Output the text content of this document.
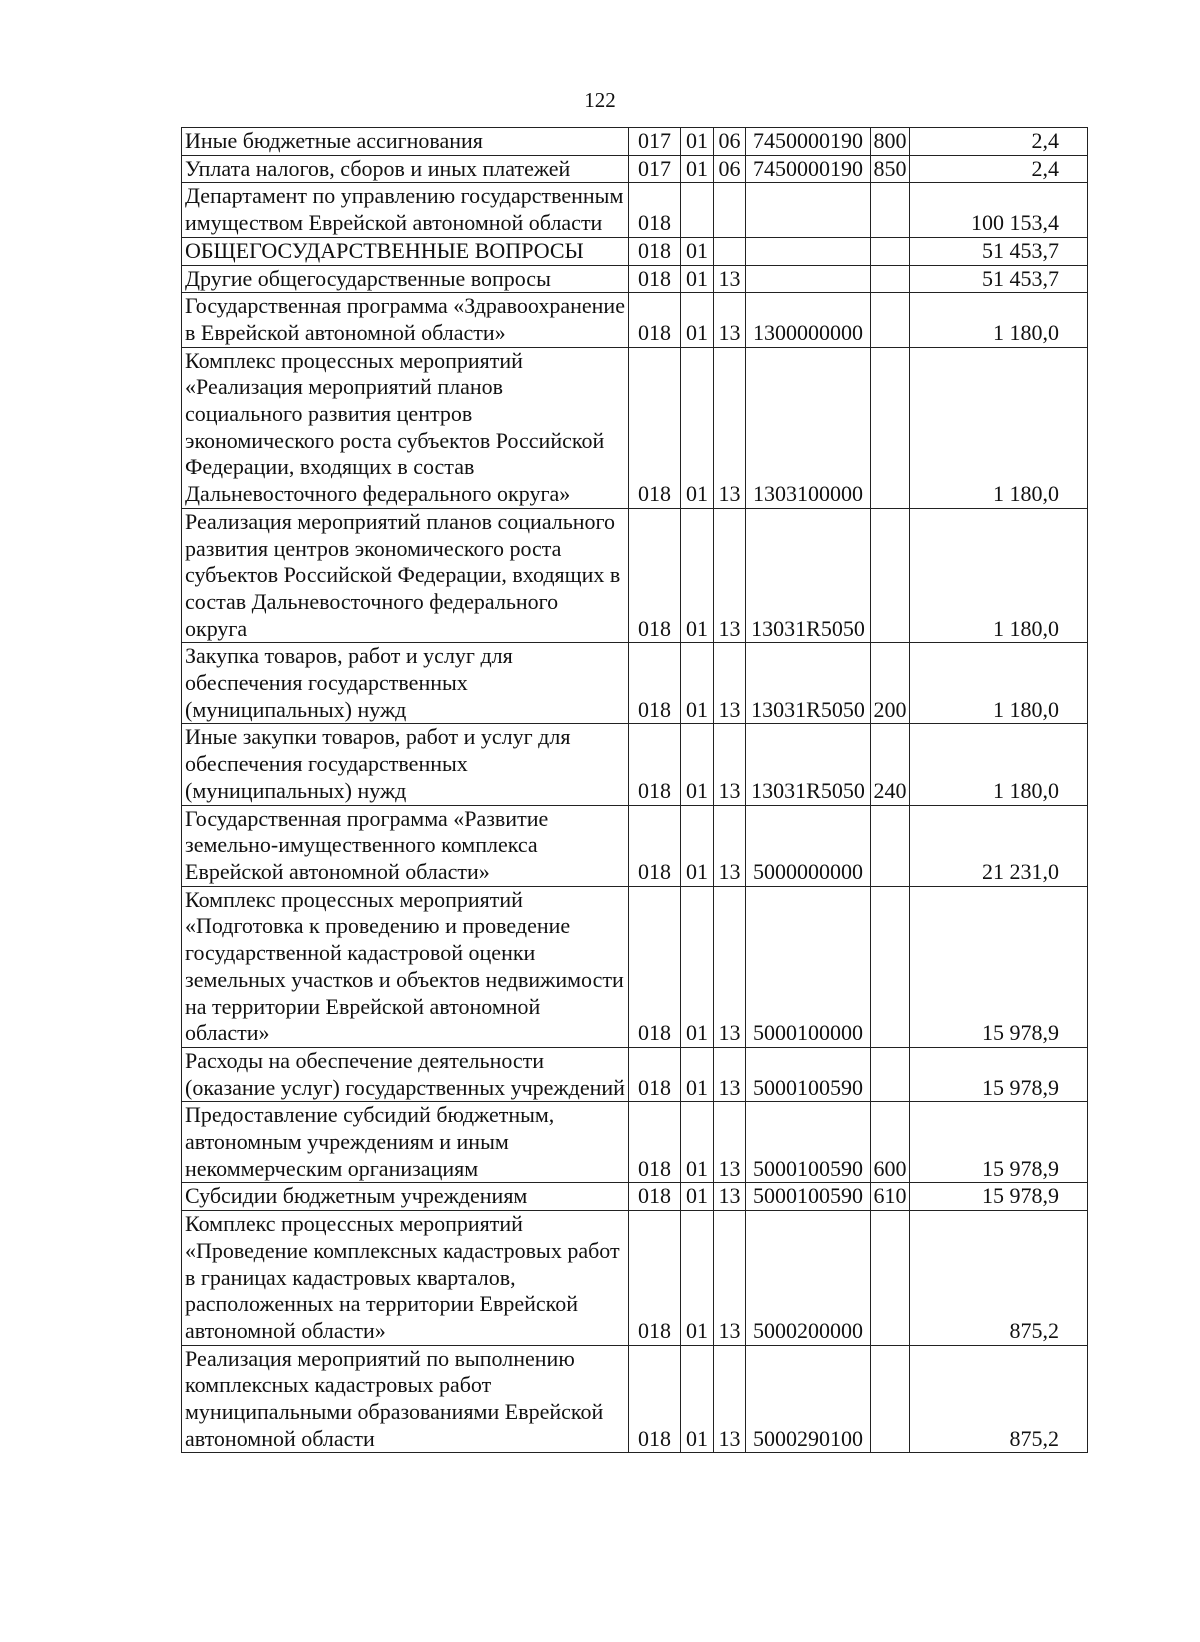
122
Иные бюджетные ассигнования	017	01	06	7450000190	800	2,4
Уплата налогов, сборов и иных платежей	017	01	06	7450000190	850	2,4
Департамент по управлению государственным имуществом Еврейской автономной области	018					100 153,4
ОБЩЕГОСУДАРСТВЕННЫЕ ВОПРОСЫ	018	01				51 453,7
Другие общегосударственные вопросы	018	01	13			51 453,7
Государственная программа «Здравоохранение в Еврейской автономной области»	018	01	13	1300000000		1 180,0
Комплекс процессных мероприятий «Реализация мероприятий планов социального развития центров экономического роста субъектов Российской Федерации, входящих в состав Дальневосточного федерального округа»	018	01	13	1303100000		1 180,0
Реализация мероприятий планов социального развития центров экономического роста субъектов Российской Федерации, входящих в состав Дальневосточного федерального округа	018	01	13	13031R5050		1 180,0
Закупка товаров, работ и услуг для обеспечения государственных (муниципальных) нужд	018	01	13	13031R5050	200	1 180,0
Иные закупки товаров, работ и услуг для обеспечения государственных (муниципальных) нужд	018	01	13	13031R5050	240	1 180,0
Государственная программа «Развитие земельно-имущественного комплекса Еврейской автономной области»	018	01	13	5000000000		21 231,0
Комплекс процессных мероприятий «Подготовка к проведению и проведение государственной кадастровой оценки земельных участков и объектов недвижимости на территории Еврейской автономной области»	018	01	13	5000100000		15 978,9
Расходы на обеспечение деятельности (оказание услуг) государственных учреждений	018	01	13	5000100590		15 978,9
Предоставление субсидий бюджетным, автономным учреждениям и иным некоммерческим организациям	018	01	13	5000100590	600	15 978,9
Субсидии бюджетным учреждениям	018	01	13	5000100590	610	15 978,9
Комплекс процессных мероприятий «Проведение комплексных кадастровых работ в границах кадастровых кварталов, расположенных на территории Еврейской автономной области»	018	01	13	5000200000		875,2
Реализация мероприятий по выполнению комплексных кадастровых работ муниципальными образованиями Еврейской автономной области	018	01	13	5000290100		875,2
